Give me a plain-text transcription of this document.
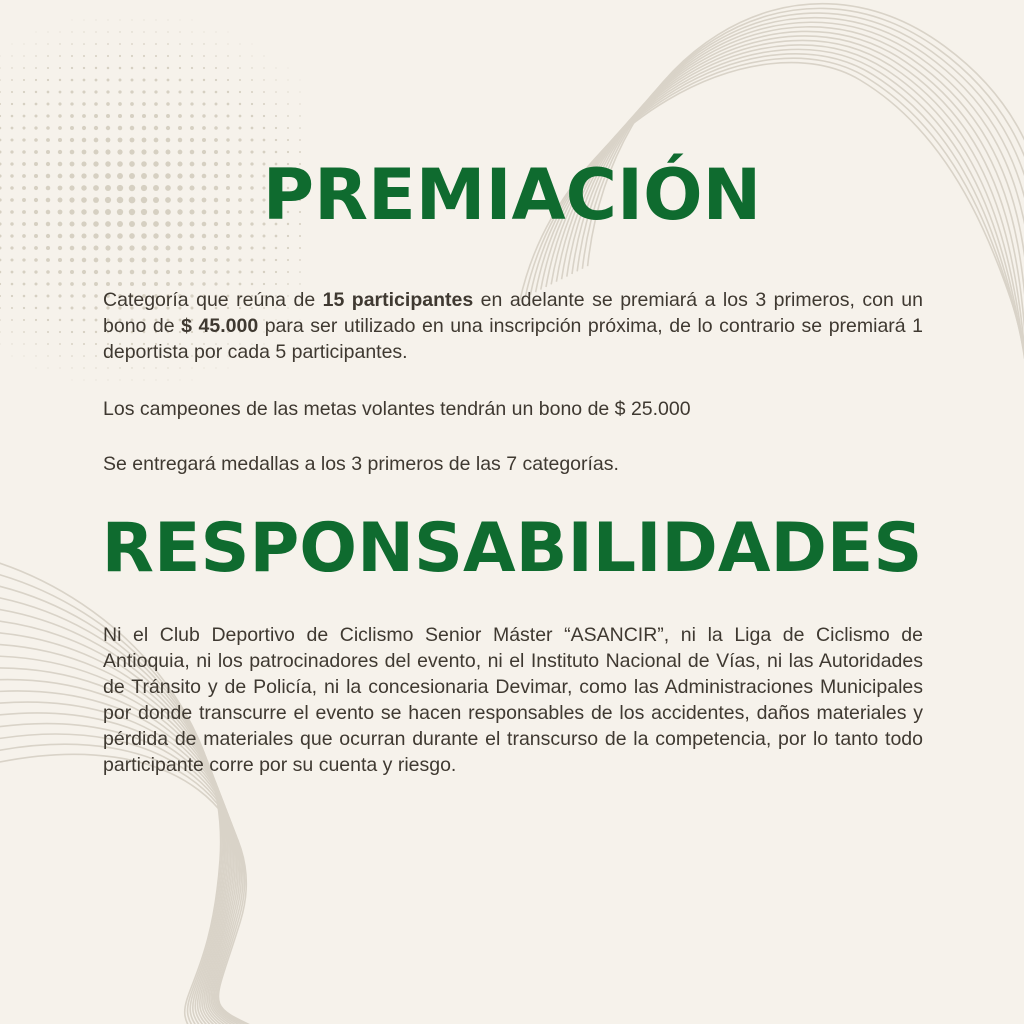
PREMIACIÓN

Categoría que reúna de 15 participantes en adelante se premiará a los 3 primeros, con un bono de $ 45.000 para ser utilizado en una inscripción próxima, de lo contrario se premiará 1 deportista por cada 5 participantes.

Los campeones de las metas volantes tendrán un bono de $ 25.000

Se entregará medallas a los 3 primeros de las 7 categorías.

RESPONSABILIDADES

Ni el Club Deportivo de Ciclismo Senior Máster “ASANCIR”, ni la Liga de Ciclismo de Antioquia, ni los patrocinadores del evento, ni el Instituto Nacional de Vías, ni las Autoridades de Tránsito y de Policía, ni la concesionaria Devimar, como las Administraciones Municipales por donde transcurre el evento se hacen responsables de los accidentes, daños materiales y pérdida de materiales que ocurran durante el transcurso de la competencia, por lo tanto todo participante corre por su cuenta y riesgo.
